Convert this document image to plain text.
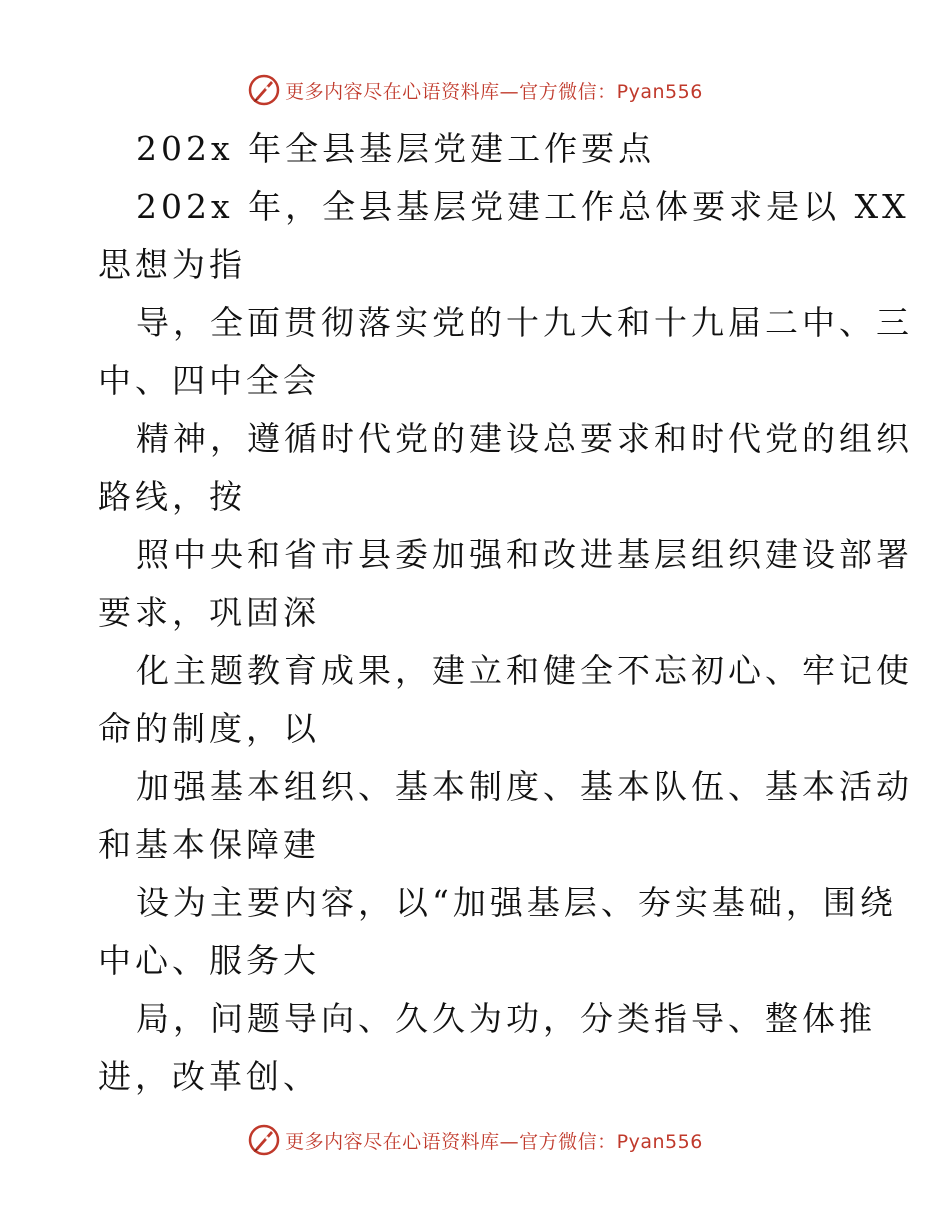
更多内容尽在心语资料库—官方微信：Pyan556
202x 年全县基层党建工作要点
202x 年，全县基层党建工作总体要求是以 XX
思想为指
导，全面贯彻落实党的十九大和十九届二中、三
中、四中全会
精神，遵循时代党的建设总要求和时代党的组织
路线，按
照中央和省市县委加强和改进基层组织建设部署
要求，巩固深
化主题教育成果，建立和健全不忘初心、牢记使
命的制度，以
加强基本组织、基本制度、基本队伍、基本活动
和基本保障建
设为主要内容，以“加强基层、夯实基础，围绕
中心、服务大
局，问题导向、久久为功，分类指导、整体推
进，改革创、
更多内容尽在心语资料库—官方微信：Pyan556
